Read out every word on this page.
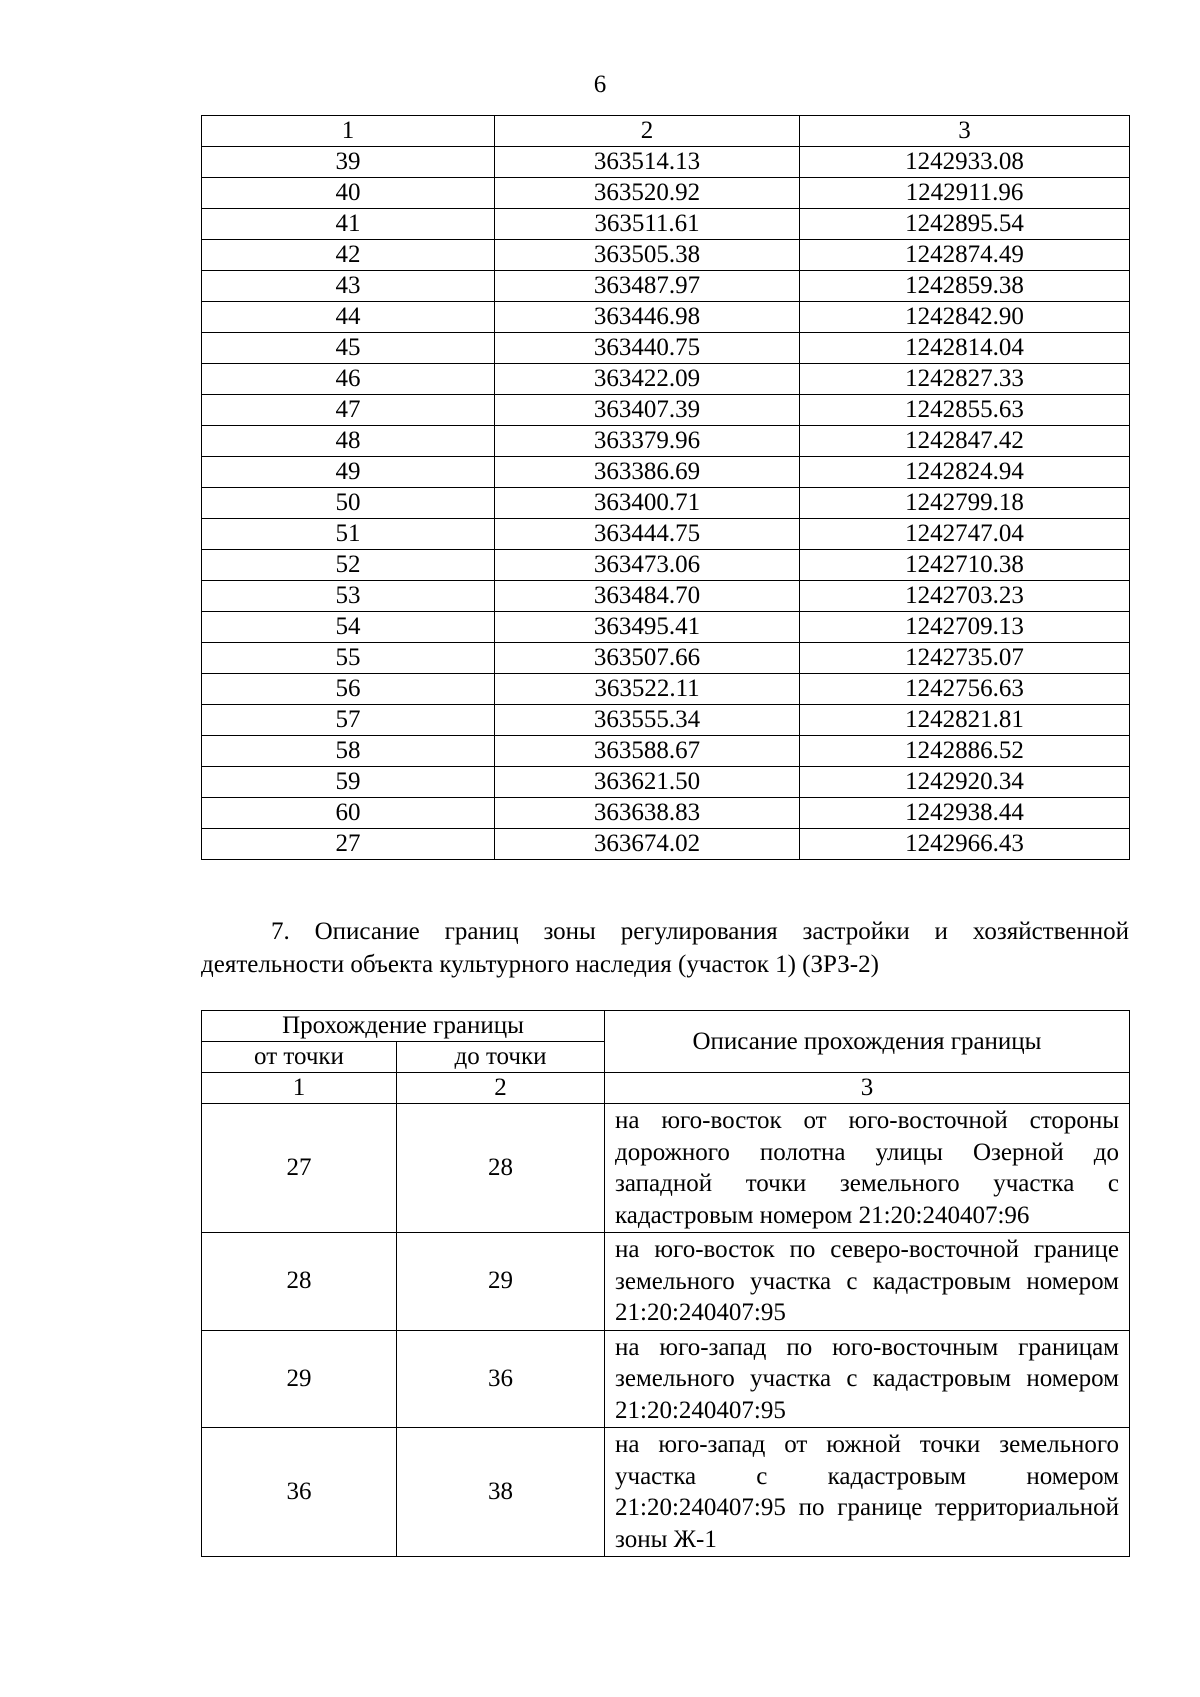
6
1	2	3
39	363514.13	1242933.08
40	363520.92	1242911.96
41	363511.61	1242895.54
42	363505.38	1242874.49
43	363487.97	1242859.38
44	363446.98	1242842.90
45	363440.75	1242814.04
46	363422.09	1242827.33
47	363407.39	1242855.63
48	363379.96	1242847.42
49	363386.69	1242824.94
50	363400.71	1242799.18
51	363444.75	1242747.04
52	363473.06	1242710.38
53	363484.70	1242703.23
54	363495.41	1242709.13
55	363507.66	1242735.07
56	363522.11	1242756.63
57	363555.34	1242821.81
58	363588.67	1242886.52
59	363621.50	1242920.34
60	363638.83	1242938.44
27	363674.02	1242966.43

7. Описание границ зоны регулирования застройки и хозяйственной деятельности объекта культурного наследия (участок 1) (ЗРЗ-2)

Прохождение границы		Описание прохождения границы
от точки	до точки	
1	2	3
27	28	на юго-восток от юго-восточной стороны дорожного полотна улицы Озерной до западной точки земельного участка с кадастровым номером 21:20:240407:96
28	29	на юго-восток по северо-восточной границе земельного участка с кадастровым номером 21:20:240407:95
29	36	на юго-запад по юго-восточным границам земельного участка с кадастровым номером 21:20:240407:95
36	38	на юго-запад от южной точки земельного участка с кадастровым номером 21:20:240407:95 по границе территориальной зоны Ж-1
